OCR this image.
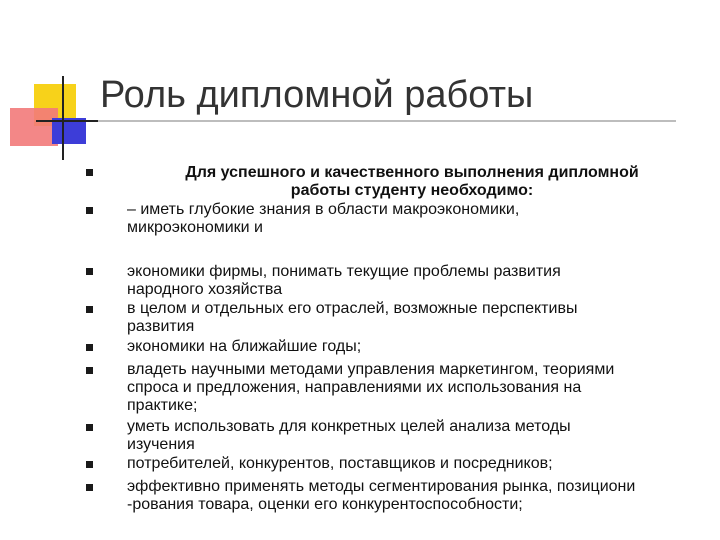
Роль дипломной работы
Для успешного и качественного выполнения дипломной
работы студенту необходимо:
– иметь глубокие знания в области макроэкономики,
микроэкономики и
экономики фирмы, понимать текущие проблемы развития
народного хозяйства
в целом и отдельных его отраслей, возможные перспективы
развития
экономики на ближайшие годы;
владеть научными методами управления маркетингом, теориями
спроса и предложения, направлениями их использования на
практике;
уметь использовать для конкретных целей анализа методы
изучения
потребителей, конкурентов, поставщиков и посредников;
эффективно применять методы сегментирования рынка, позициони
-рования товара, оценки его конкурентоспособности;
